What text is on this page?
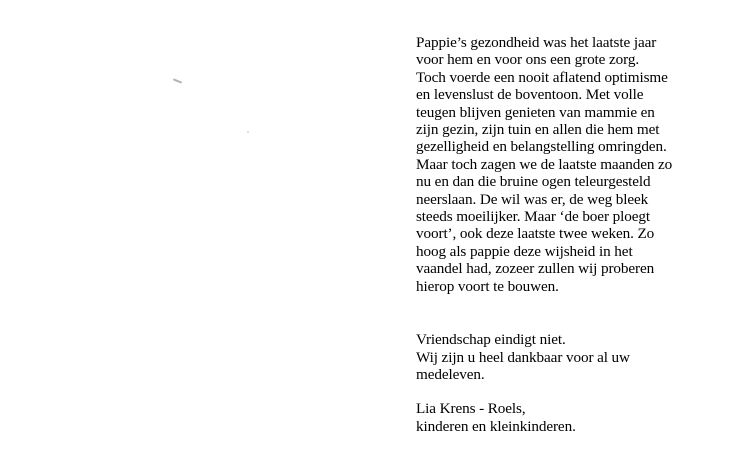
Pappie’s gezondheid was het laatste jaar
voor hem en voor ons een grote zorg.
Toch voerde een nooit aflatend optimisme
en levenslust de boventoon. Met volle
teugen blijven genieten van mammie en
zijn gezin, zijn tuin en allen die hem met
gezelligheid en belangstelling omringden.
Maar toch zagen we de laatste maanden zo
nu en dan die bruine ogen teleurgesteld
neerslaan. De wil was er, de weg bleek
steeds moeilijker. Maar ‘de boer ploegt
voort’, ook deze laatste twee weken. Zo
hoog als pappie deze wijsheid in het
vaandel had, zozeer zullen wij proberen
hierop voort te bouwen.
Vriendschap eindigt niet.
Wij zijn u heel dankbaar voor al uw
medeleven.
Lia Krens - Roels,
kinderen en kleinkinderen.
